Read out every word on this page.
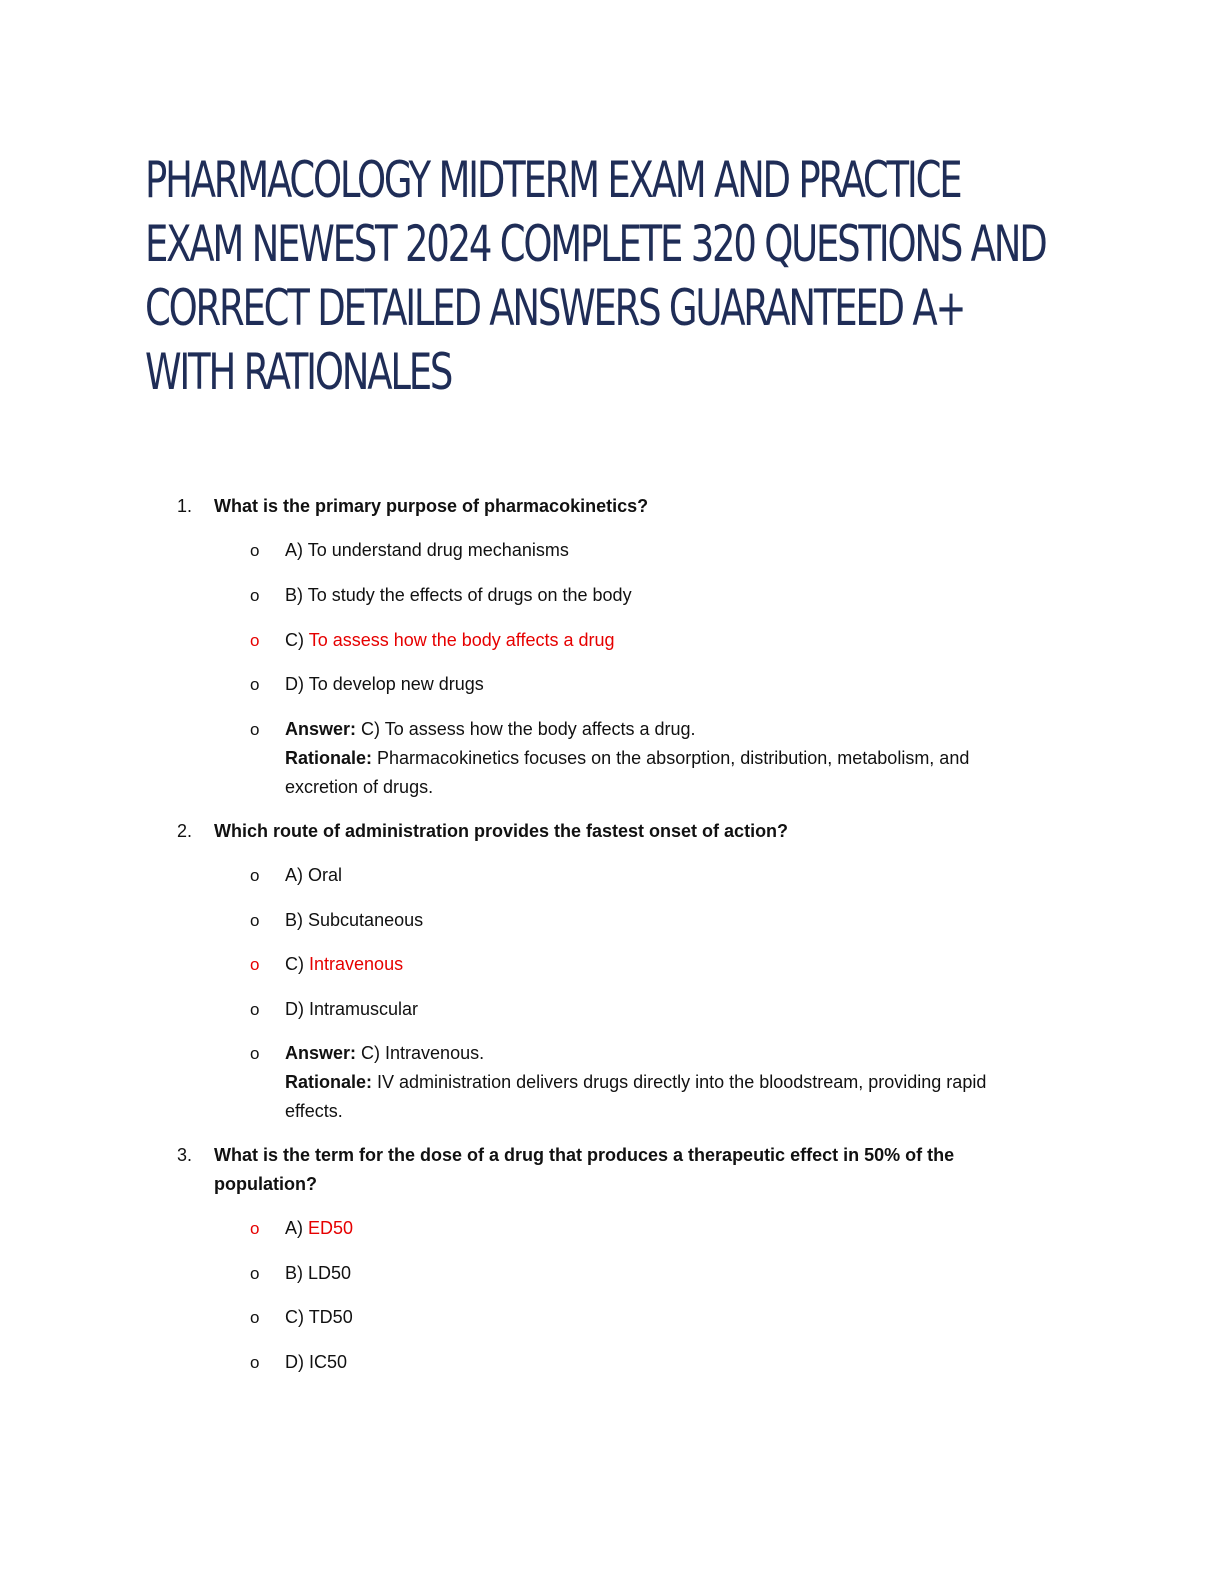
PHARMACOLOGY MIDTERM EXAM AND PRACTICE EXAM NEWEST 2024 COMPLETE 320 QUESTIONS AND CORRECT DETAILED ANSWERS GUARANTEED A+ WITH RATIONALES
1. What is the primary purpose of pharmacokinetics?
o A) To understand drug mechanisms
o B) To study the effects of drugs on the body
o C) To assess how the body affects a drug
o D) To develop new drugs
o Answer: C) To assess how the body affects a drug.
Rationale: Pharmacokinetics focuses on the absorption, distribution, metabolism, and
excretion of drugs.
2. Which route of administration provides the fastest onset of action?
o A) Oral
o B) Subcutaneous
o C) Intravenous
o D) Intramuscular
o Answer: C) Intravenous.
Rationale: IV administration delivers drugs directly into the bloodstream, providing rapid
effects.
3. What is the term for the dose of a drug that produces a therapeutic effect in 50% of the
population?
o A) ED50
o B) LD50
o C) TD50
o D) IC50
